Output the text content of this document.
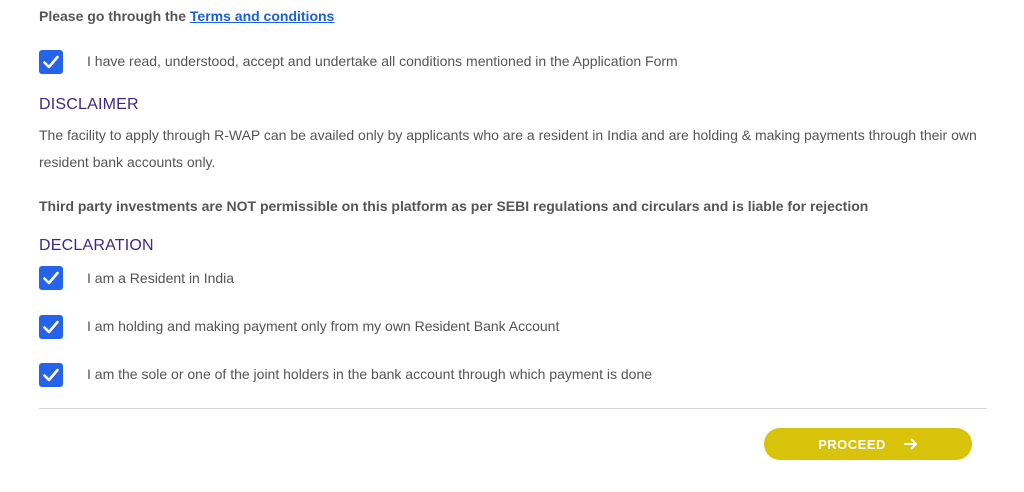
Please go through the Terms and conditions
I have read, understood, accept and undertake all conditions mentioned in the Application Form
DISCLAIMER
The facility to apply through R-WAP can be availed only by applicants who are a resident in India and are holding & making payments through their own resident bank accounts only.
Third party investments are NOT permissible on this platform as per SEBI regulations and circulars and is liable for rejection
DECLARATION
I am a Resident in India
I am holding and making payment only from my own Resident Bank Account
I am the sole or one of the joint holders in the bank account through which payment is done
PROCEED
